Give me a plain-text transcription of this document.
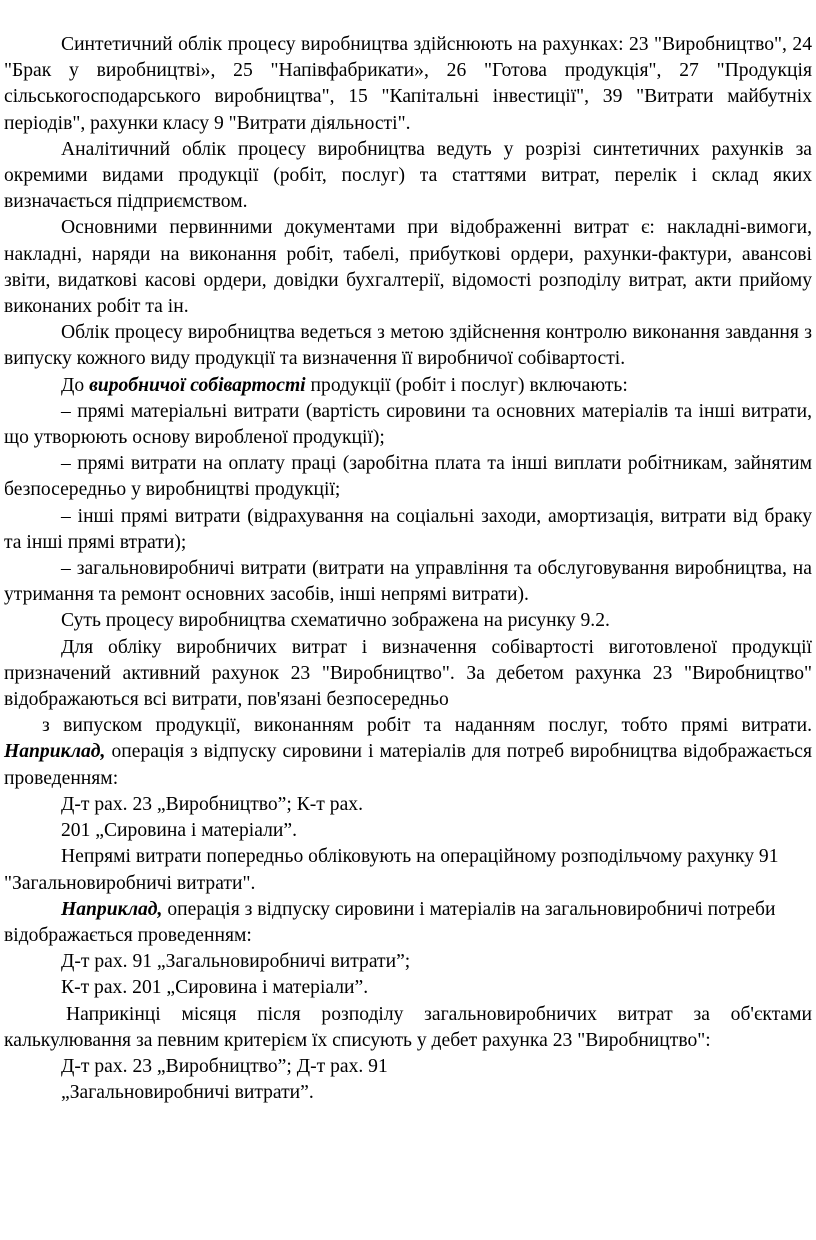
Синтетичний облік процесу виробництва здійснюють на рахунках: 23 "Виробництво", 24 "Брак у виробництві», 25 "Напівфабрикати», 26 "Готова продукція", 27 "Продукція сільськогосподарського виробництва", 15 "Капітальні інвестиції", 39 "Витрати майбутніх періодів", рахунки класу 9 "Витрати діяльності".

Аналітичний облік процесу виробництва ведуть у розрізі синтетичних рахунків за окремими видами продукції (робіт, послуг) та статтями витрат, перелік і склад яких визначається підприємством.

Основними первинними документами при відображенні витрат є: накладні-вимоги, накладні, наряди на виконання робіт, табелі, прибуткові ордери, рахунки-фактури, авансові звіти, видаткові касові ордери, довідки бухгалтерії, відомості розподілу витрат, акти прийому виконаних робіт та ін.

Облік процесу виробництва ведеться з метою здійснення контролю виконання завдання з випуску кожного виду продукції та визначення її виробничої собівартості.

До виробничої собівартості продукції (робіт і послуг) включають:

– прямі матеріальні витрати (вартість сировини та основних матеріалів та інші витрати, що утворюють основу виробленої продукції);

– прямі витрати на оплату праці (заробітна плата та інші виплати робітникам, зайнятим безпосередньо у виробництві продукції;

– інші прямі витрати (відрахування на соціальні заходи, амортизація, витрати від браку та інші прямі втрати);

– загальновиробничі витрати (витрати на управління та обслуговування виробництва, на утримання та ремонт основних засобів, інші непрямі витрати).

Суть процесу виробництва схематично зображена на рисунку 9.2.

Для обліку виробничих витрат і визначення собівартості виготовленої продукції призначений активний рахунок 23 "Виробництво". За дебетом рахунка 23 "Виробництво" відображаються всі витрати, пов'язані безпосередньо

з випуском продукції, виконанням робіт та наданням послуг, тобто прямі витрати. Наприклад, операція з відпуску сировини і матеріалів для потреб виробництва відображається проведенням:

Д-т рах. 23 „Виробництво”; К-т рах.

201 „Сировина і матеріали”.

Непрямі витрати попередньо обліковують на операційному розподільчому рахунку 91 "Загальновиробничі витрати".

Наприклад, операція з відпуску сировини і матеріалів на загальновиробничі потреби відображається проведенням:

Д-т рах. 91 „Загальновиробничі витрати”;

К-т рах. 201 „Сировина і матеріали”.

Наприкінці місяця після розподілу загальновиробничих витрат за об'єктами калькулювання за певним критерієм їх списують у дебет рахунка 23 "Виробництво":

Д-т рах. 23 „Виробництво”; Д-т рах. 91

„Загальновиробничі витрати”.
